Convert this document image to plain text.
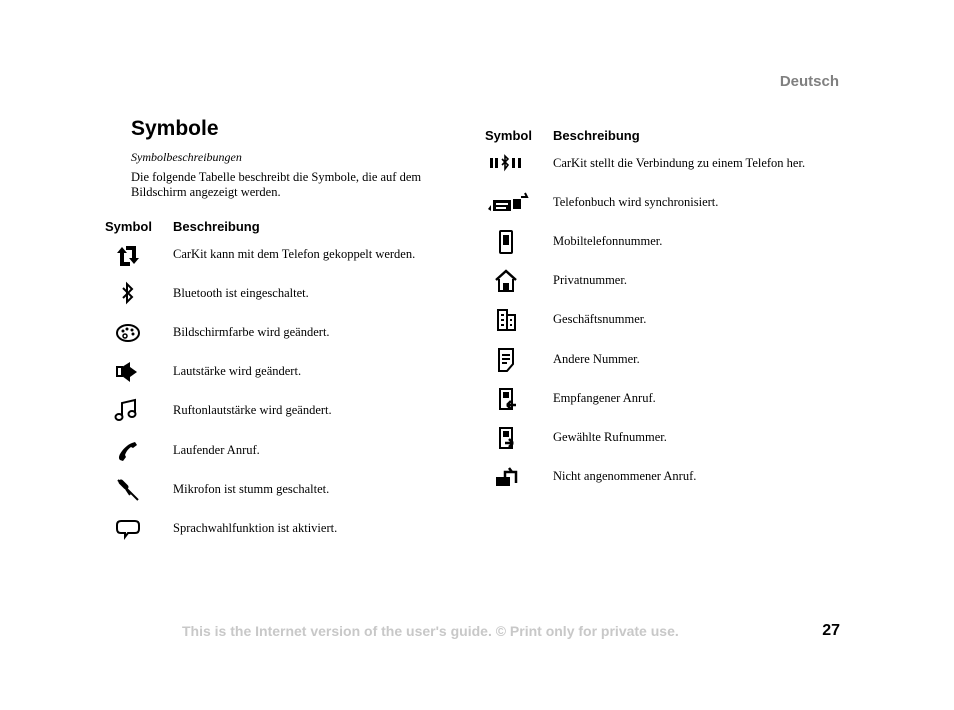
Deutsch
Symbole
Symbolbeschreibungen
Die folgende Tabelle beschreibt die Symbole, die auf dem Bildschirm angezeigt werden.
Symbol Beschreibung
CarKit kann mit dem Telefon gekoppelt werden.
Bluetooth ist eingeschaltet.
Bildschirmfarbe wird geändert.
Lautstärke wird geändert.
Ruftonlautstärke wird geändert.
Laufender Anruf.
Mikrofon ist stumm geschaltet.
Sprachwahlfunktion ist aktiviert.
Symbol Beschreibung
CarKit stellt die Verbindung zu einem Telefon her.
Telefonbuch wird synchronisiert.
Mobiltelefonnummer.
Privatnummer.
Geschäftsnummer.
Andere Nummer.
Empfangener Anruf.
Gewählte Rufnummer.
Nicht angenommener Anruf.
This is the Internet version of the user's guide. © Print only for private use.	27
